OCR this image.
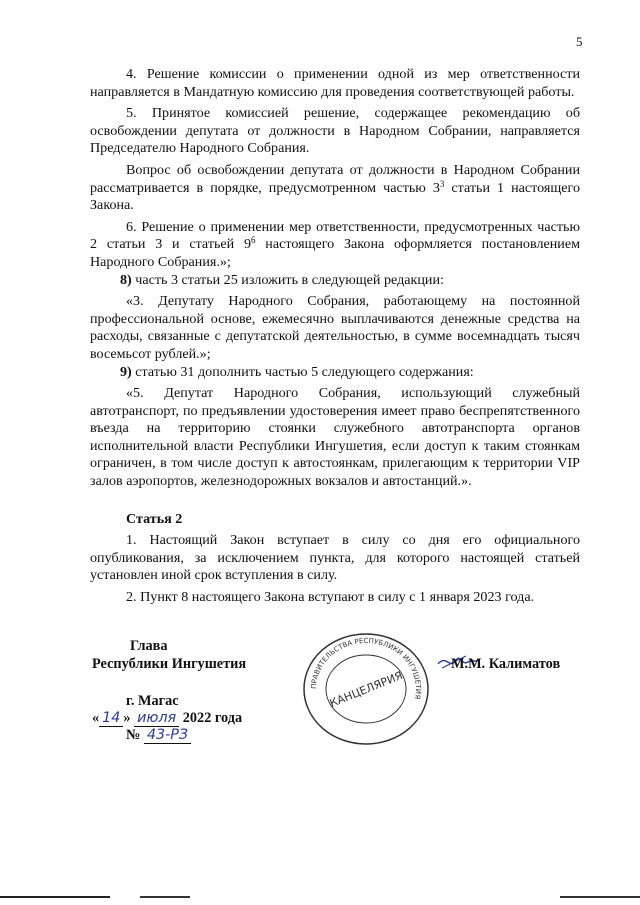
5

4. Решение комиссии о применении одной из мер ответственности направляется в Мандатную комиссию для проведения соответствующей работы.

5. Принятое комиссией решение, содержащее рекомендацию об освобождении депутата от должности в Народном Собрании, направляется Председателю Народного Собрания.

Вопрос об освобождении депутата от должности в Народном Собрании рассматривается в порядке, предусмотренном частью $3^3$ статьи 1 настоящего Закона.

6. Решение о применении мер ответственности, предусмотренных частью 2 статьи 3 и статьей $9^6$ настоящего Закона оформляется постановлением Народного Собрания.»;

8) часть 3 статьи 25 изложить в следующей редакции:

«3. Депутату Народного Собрания, работающему на постоянной профессиональной основе, ежемесячно выплачиваются денежные средства на расходы, связанные с депутатской деятельностью, в сумме восемнадцать тысяч восемьсот рублей.»;

9) статью 31 дополнить частью 5 следующего содержания:

«5. Депутат Народного Собрания, использующий служебный автотранспорт, по предъявлении удостоверения имеет право беспрепятственного въезда на территорию стоянки служебного автотранспорта органов исполнительной власти Республики Ингушетия, если доступ к таким стоянкам ограничен, в том числе доступ к автостоянкам, прилегающим к территории VIP залов аэропортов, железнодорожных вокзалов и автостанций.».

Статья 2

1. Настоящий Закон вступает в силу со дня его официального опубликования, за исключением пункта, для которого настоящей статьей установлен иной срок вступления в силу.

2. Пункт 8 настоящего Закона вступают в силу с 1 января 2023 года.

Глава
Республики Ингушетия	М.М. Калиматов
г. Магас
« 14 » июля 2022 года
№ 43-РЗ
ПРАВИТЕЛЬСТВА РЕСПУБЛИКИ ИНГУШЕТИЯ
КАНЦЕЛЯРИЯ
